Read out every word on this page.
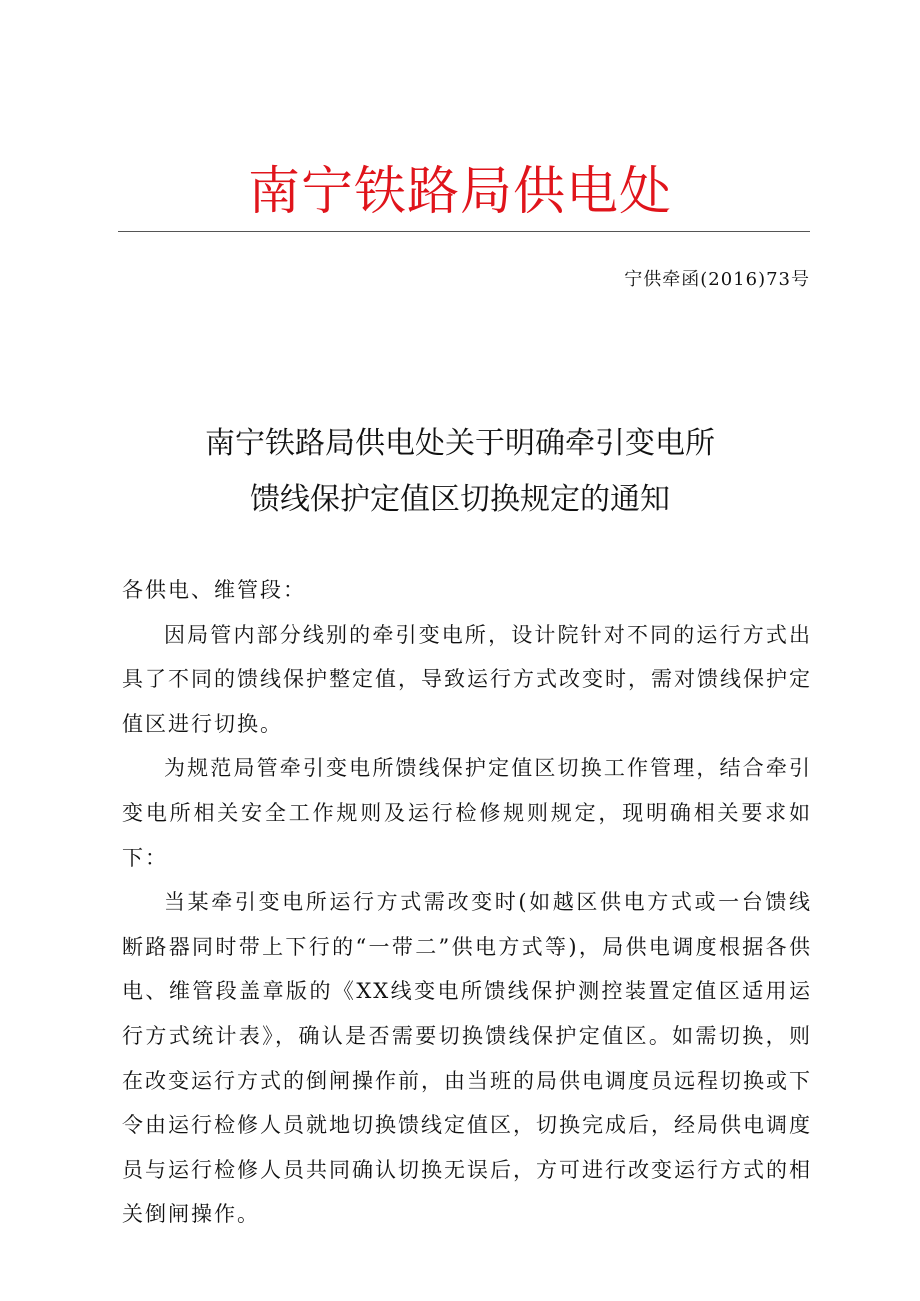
南宁铁路局供电处
宁供牵函(2016)73号
南宁铁路局供电处关于明确牵引变电所
馈线保护定值区切换规定的通知

各供电、维管段：

因局管内部分线别的牵引变电所，设计院针对不同的运行方式出具了不同的馈线保护整定值，导致运行方式改变时，需对馈线保护定值区进行切换。

为规范局管牵引变电所馈线保护定值区切换工作管理，结合牵引变电所相关安全工作规则及运行检修规则规定，现明确相关要求如下：

当某牵引变电所运行方式需改变时(如越区供电方式或一台馈线断路器同时带上下行的“一带二”供电方式等)，局供电调度根据各供电、维管段盖章版的《XX线变电所馈线保护测控装置定值区适用运行方式统计表》，确认是否需要切换馈线保护定值区。如需切换，则在改变运行方式的倒闸操作前，由当班的局供电调度员远程切换或下令由运行检修人员就地切换馈线定值区，切换完成后，经局供电调度员与运行检修人员共同确认切换无误后，方可进行改变运行方式的相关倒闸操作。
